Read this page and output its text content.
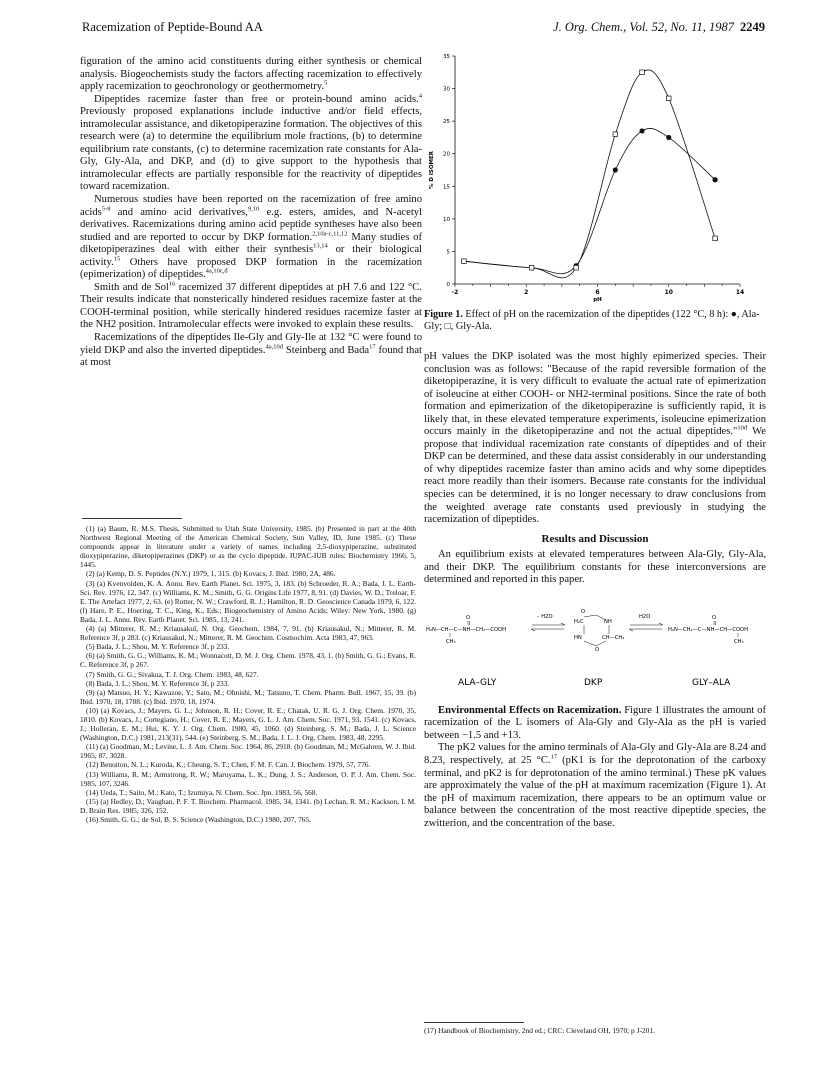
Racemization of Peptide-Bound AA	J. Org. Chem., Vol. 52, No. 11, 1987 2249

figuration of the amino acid constituents during either synthesis or chemical analysis. Biogeochemists study the factors affecting racemization to effectively apply racemization to geochronology or geothermometry.$^5$

Dipeptides racemize faster than free or protein-bound amino acids.$^4$ Previously proposed explanations include inductive and/or field effects, intramolecular assistance, and diketopiperazine formation. The objectives of this research were (a) to determine the equilibrium mole fractions, (b) to determine equilibrium rate constants, (c) to determine racemization rate constants for Ala-Gly, Gly-Ala, and DKP, and (d) to give support to the hypothesis that intramolecular effects are partially responsible for the reactivity of dipeptides toward racemization.

Numerous studies have been reported on the racemization of free amino acids$^{5-8}$ and amino acid derivatives,$^{9,10}$ e.g. esters, amides, and N-acetyl derivatives. Racemizations during amino acid peptide syntheses have also been studied and are reported to occur by DKP formation.$^{2,10a-c,11,12}$ Many studies of diketopiperazines deal with either their synthesis$^{13,14}$ or their biological activity.$^{15}$ Others have proposed DKP formation in the racemization (epimerization) of dipeptides.$^{4a,10c,d}$

Smith and de Sol$^{16}$ racemized 37 different dipeptides at pH 7.6 and 122 °C. Their results indicate that nonsterically hindered residues racemize faster at the COOH-terminal position, while sterically hindered residues racemize faster at the NH2 position. Intramolecular effects were invoked to explain these results.

Racemizations of the dipeptides Ile-Gly and Gly-Ile at 132 °C were found to yield DKP and also the inverted dipeptides.$^{4a,10d}$ Steinberg and Bada$^{17}$ found that at most

(1) (a) Baum, R. M.S. Thesis, Submitted to Utah State University, 1985. (b) Presented in part at the 40th Northwest Regional Meeting of the American Chemical Society, Sun Valley, ID, June 1985. (c) These compounds appear in literature under a variety of names including 2,5-dioxypiperazine, substituted dioxypiperazine, diketopiperazines (DKP) or as the cyclo dipeptide. IUPAC-IUB rules: Biochemistry 1966, 5, 1445.
(2) (a) Kemp, D. S. Peptides (N.Y.) 1979, 1, 315. (b) Kovacs, J. Ibid. 1980, 2A, 486.
(3) (a) Kvenvolden, K. A. Annu. Rev. Earth Planet. Sci. 1975, 3, 183. (b) Schroeder, R. A.; Bada, J. L. Earth-Sci. Rev. 1976, 12, 347. (c) Williams, K. M.; Smith, G. G. Origins Life 1977, 8, 91. (d) Davies, W. D.; Treloar, F. E. The Artefact 1977, 2, 63. (e) Rutter, N. W.; Crawford, R. J.; Hamilton, R. D. Geoscience Canada 1979, 6, 122. (f) Hare, P. E., Hoering, T. C., King, K., Eds.; Biogeochemistry of Amino Acids; Wiley: New York, 1980. (g) Bada, J. L. Annu. Rev. Earth Planet. Sci. 1985, 13, 241.
(4) (a) Mitterer, R. M.; Kriausakul, N. Org. Geochem. 1984, 7, 91. (b) Kriausakul, N.; Mitterer, R. M. Reference 3f, p 283. (c) Kriausakul, N.; Mitterer, R. M. Geochim. Cosmochim. Acta 1983, 47, 963.
(5) Bada, J. L.; Shou, M. Y. Reference 3f, p 233.
(6) (a) Smith, G. G.; Williams, K. M.; Wonnacott, D. M. J. Org. Chem. 1978, 43, 1. (b) Smith, G. G.; Evans, R. C. Reference 3f, p 267.
(7) Smith, G. G.; Sivakua, T. J. Org. Chem. 1983, 48, 627.
(8) Bada, J. L.; Shou, M. Y. Reference 3f, p 233.
(9) (a) Matsuo, H. Y.; Kawazoe, Y.; Sato, M.; Ohnishi, M.; Tatsuno, T. Chem. Pharm. Bull. 1967, 15, 39. (b) Ibid. 1970, 18, 1788. (c) Ibid. 1970, 18, 1974.
(10) (a) Kovacs, J.; Mayers, G. L.; Johnson, R. H.; Cover, R. E.; Chatak, U. R. G. J. Org. Chem. 1970, 35, 1810. (b) Kovacs, J.; Cortegiano, H.; Cover, R. E.; Mayers, G. L. J. Am. Chem. Soc. 1971, 93, 1541. (c) Kovacs, J.; Holleran, E. M.; Hui, K. Y. J. Org. Chem. 1980, 45, 1060. (d) Steinberg, S. M.; Bada, J. L. Science (Washington, D.C.) 1981, 213(31), 544. (e) Steinberg, S. M.; Bada, J. L. J. Org. Chem. 1983, 48, 2295.
(11) (a) Goodman, M.; Levine, L. J. Am. Chem. Soc. 1964, 86, 2918. (b) Goodman, M.; McGahren, W. J. Ibid. 1965, 87, 3028.
(12) Benoiton, N. L.; Kuroda, K.; Cheung, S. T.; Chen, F. M. F. Can. J. Biochem. 1979, 57, 776.
(13) Williams, R. M.; Armstrong, R. W.; Maruyama, L. K.; Dung, J. S.; Anderson, O. P. J. Am. Chem. Soc. 1985, 107, 3246.
(14) Ueda, T.; Saito, M.; Kato, T.; Izumiya, N. Chem. Soc. Jpn. 1983, 56, 568.
(15) (a) Hedley, D.; Vaughan, P. F. T. Biochem. Pharmacol. 1985, 34, 1341. (b) Lechan, R. M.; Kackson, I. M. D. Brain Res. 1985, 326, 152.
(16) Smith, G. G.; de Sol, B. S. Science (Washington, D.C.) 1980, 207, 765.
0
5
10
15
20
25
30
35
-2	2	6	10	14
pH
% D ISOMER
Figure 1. Effect of pH on the racemization of the dipeptides (122 °C, 8 h): ●, Ala-Gly; □, Gly-Ala.

pH values the DKP isolated was the most highly epimerized species. Their conclusion was as follows: "Because of the rapid reversible formation of the diketopiperazine, it is very difficult to evaluate the actual rate of epimerization of isoleucine at either COOH- or NH2-terminal positions. Since the rate of both formation and epimerization of the diketopiperazine is sufficiently rapid, it is likely that, in these elevated temperature experiments, isoleucine epimerization occurs mainly in the diketopiperazine and not the actual dipeptides."$^{10d}$ We propose that individual racemization rate constants of dipeptides and of their DKP can be determined, and these data assist considerably in our understanding of why dipeptides racemize faster than amino acids and why some dipeptides react more readily than their isomers. Because rate constants for the individual species can be determined, it is no longer necessary to draw conclusions from the weighted average rate constants used previously in studying the racemization of dipeptides.

Results and Discussion

An equilibrium exists at elevated temperatures between Ala-Gly, Gly-Ala, and their DKP. The equilibrium constants for these interconversions are determined and reported in this paper.

H₂N—CH—C—NH—CH₂—COOH
O
CH₃
– H2O
O
H₂C	NH
HN	CH—CH₃
O
H2O
H₂N—CH₂—C—NH—CH—COOH
O
CH₃
ALA–GLY	DKP	GLY–ALA

Environmental Effects on Racemization. Figure 1 illustrates the amount of racemization of the L isomers of Ala-Gly and Gly-Ala as the pH is varied between −1.5 and +13.

The pK2 values for the amino terminals of Ala-Gly and Gly-Ala are 8.24 and 8.23, respectively, at 25 °C.$^{17}$ (pK1 is for the deprotonation of the carboxy terminal, and pK2 is for deprotonation of the amino terminal.) These pK values are approximately the value of the pH at maximum racemization (Figure 1). At the pH of maximum racemization, there appears to be an optimum value or balance between the concentration of the most reactive dipeptide species, the zwitterion, and the concentration of the base.

(17) Handbook of Biochemistry, 2nd ed.; CRC: Cleveland OH, 1970; p J-201.
